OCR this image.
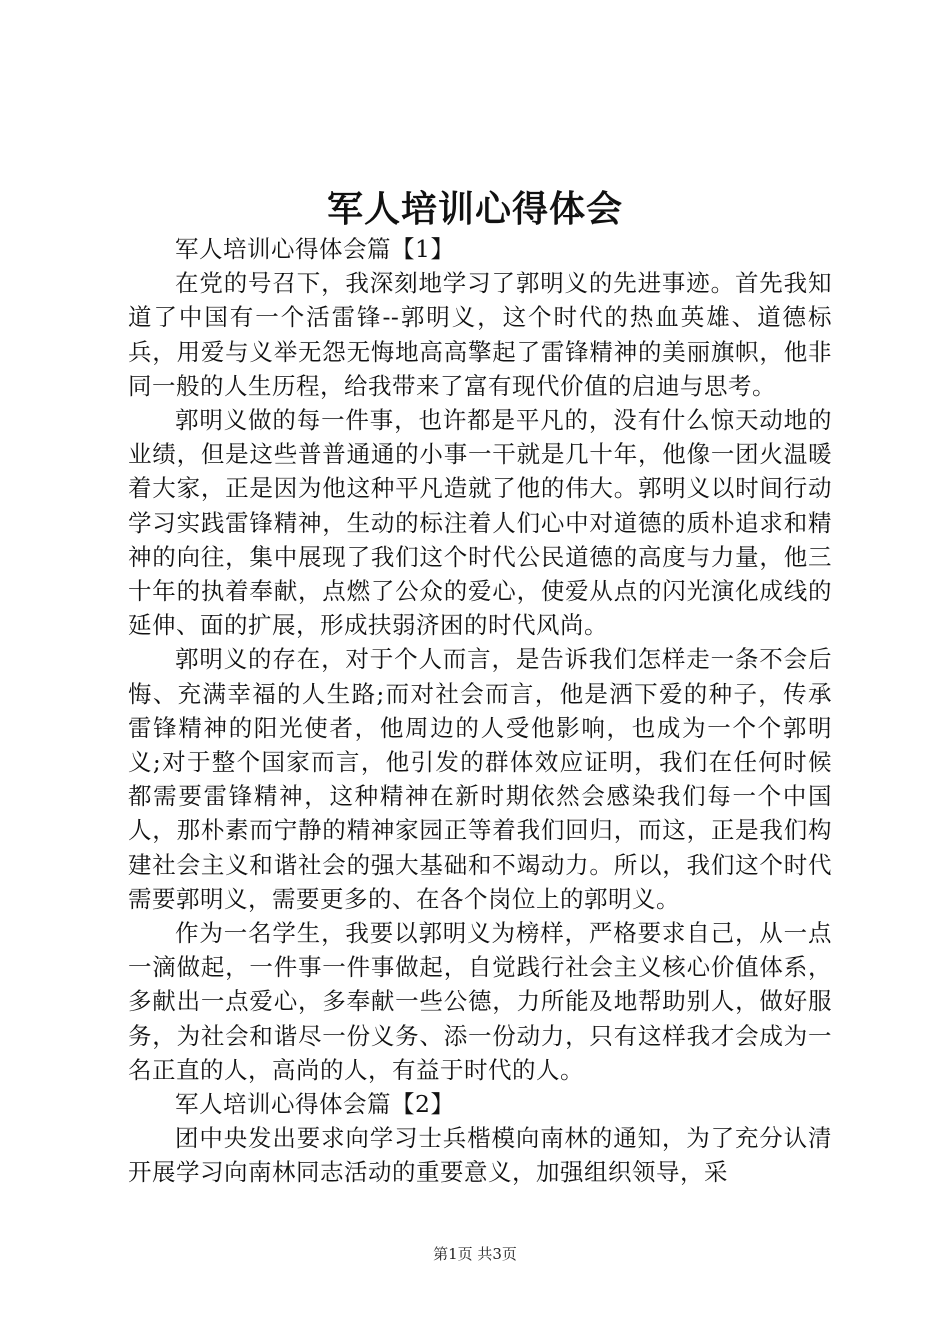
军人培训心得体会

军人培训心得体会篇【1】

在党的号召下，我深刻地学习了郭明义的先进事迹。首先我知道了中国有一个活雷锋--郭明义，这个时代的热血英雄、道德标兵，用爱与义举无怨无悔地高高擎起了雷锋精神的美丽旗帜，他非同一般的人生历程，给我带来了富有现代价值的启迪与思考。

郭明义做的每一件事，也许都是平凡的，没有什么惊天动地的业绩，但是这些普普通通的小事一干就是几十年，他像一团火温暖着大家，正是因为他这种平凡造就了他的伟大。郭明义以时间行动学习实践雷锋精神，生动的标注着人们心中对道德的质朴追求和精神的向往，集中展现了我们这个时代公民道德的高度与力量，他三十年的执着奉献，点燃了公众的爱心，使爱从点的闪光演化成线的延伸、面的扩展，形成扶弱济困的时代风尚。

郭明义的存在，对于个人而言，是告诉我们怎样走一条不会后悔、充满幸福的人生路;而对社会而言，他是洒下爱的种子，传承雷锋精神的阳光使者，他周边的人受他影响，也成为一个个郭明义;对于整个国家而言，他引发的群体效应证明，我们在任何时候都需要雷锋精神，这种精神在新时期依然会感染我们每一个中国人，那朴素而宁静的精神家园正等着我们回归，而这，正是我们构建社会主义和谐社会的强大基础和不竭动力。所以，我们这个时代需要郭明义，需要更多的、在各个岗位上的郭明义。

作为一名学生，我要以郭明义为榜样，严格要求自己，从一点一滴做起，一件事一件事做起，自觉践行社会主义核心价值体系，多献出一点爱心，多奉献一些公德，力所能及地帮助别人，做好服务，为社会和谐尽一份义务、添一份动力，只有这样我才会成为一名正直的人，高尚的人，有益于时代的人。

军人培训心得体会篇【2】

团中央发出要求向学习士兵楷模向南林的通知，为了充分认清开展学习向南林同志活动的重要意义，加强组织领导，采

第1页 共3页
